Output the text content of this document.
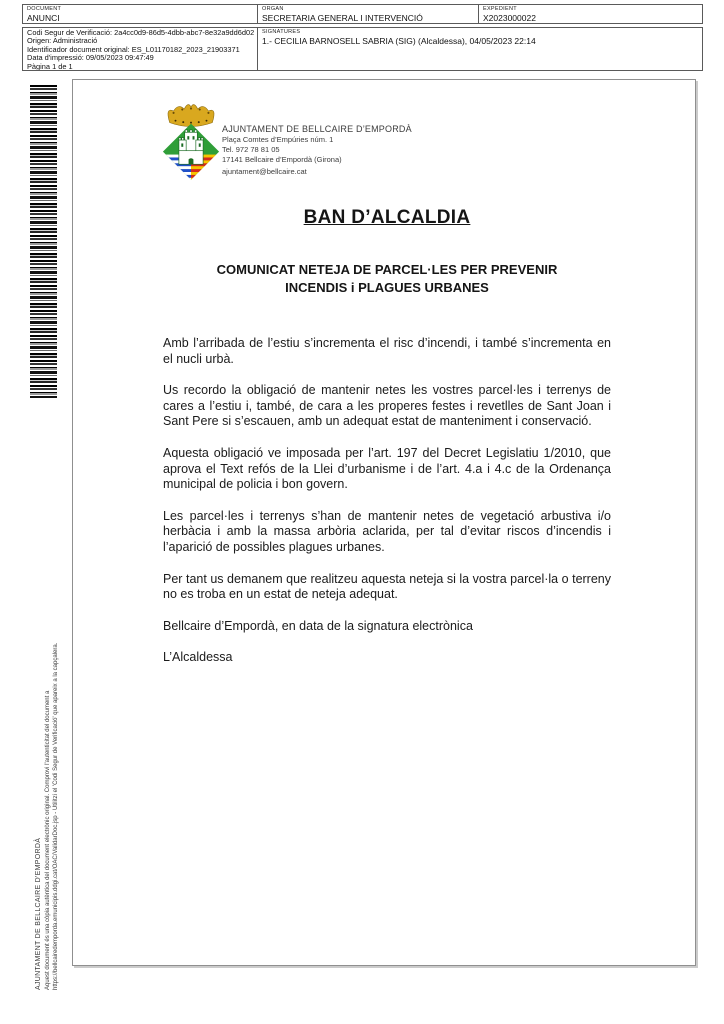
DOCUMENT
ANUNCI
ORGAN
SECRETARIA GENERAL I INTERVENCIÓ
EXPEDIENT
X2023000022
Codi Segur de Verificació: 2a4cc0d9-86d5-4dbb-abc7-8e32a9dd6d02
Origen: Administració
Identificador document original: ES_L01170182_2023_21903371
Data d'impressió: 09/05/2023 09:47:49
Pàgina 1 de 1
SIGNATURES
1.- CECILIA BARNOSELL SABRIA (SIG) (Alcaldessa), 04/05/2023 22:14
AJUNTAMENT DE BELLCAIRE D'EMPORDÀ Aquest document és una còpia autèntica del document electrònic original. Comprovi l'autenticitat del document a https://bellcairedemporda.emunicipis.ddgi.cat/OAC/ValidarDoc.jsp - Utilitzi el 'Codi Segur de Verificació' que apareix a la capçalera.
AJUNTAMENT DE BELLCAIRE D’EMPORDÀ
Plaça Comtes d’Empúries núm. 1
Tel. 972 78 81 05
17141 Bellcaire d’Empordà (Girona)
ajuntament@bellcaire.cat
BAN D’ALCALDIA
COMUNICAT NETEJA DE PARCEL·LES PER PREVENIR
INCENDIS i PLAGUES URBANES

Amb l’arribada de l’estiu s’incrementa el risc d’incendi, i també s’incrementa en el nucli urbà.

Us recordo la obligació de mantenir netes les vostres parcel·les i terrenys de cares a l’estiu i, també, de cara a les properes festes i revetlles de Sant Joan i Sant Pere si s’escauen, amb un adequat estat de manteniment i conservació.

Aquesta obligació ve imposada per l’art. 197 del Decret Legislatiu 1/2010, que aprova el Text refós de la Llei d’urbanisme i de l’art. 4.a i 4.c de la Ordenança municipal de policia i bon govern.

Les parcel·les i terrenys s’han de mantenir netes de vegetació arbustiva i/o herbàcia i amb la massa arbòria aclarida, per tal d’evitar riscos d’incendis i l’aparició de possibles plagues urbanes.

Per tant us demanem que realitzeu aquesta neteja si la vostra parcel·la o terreny no es troba en un estat de neteja adequat.

Bellcaire d’Empordà, en data de la signatura electrònica

L’Alcaldessa
